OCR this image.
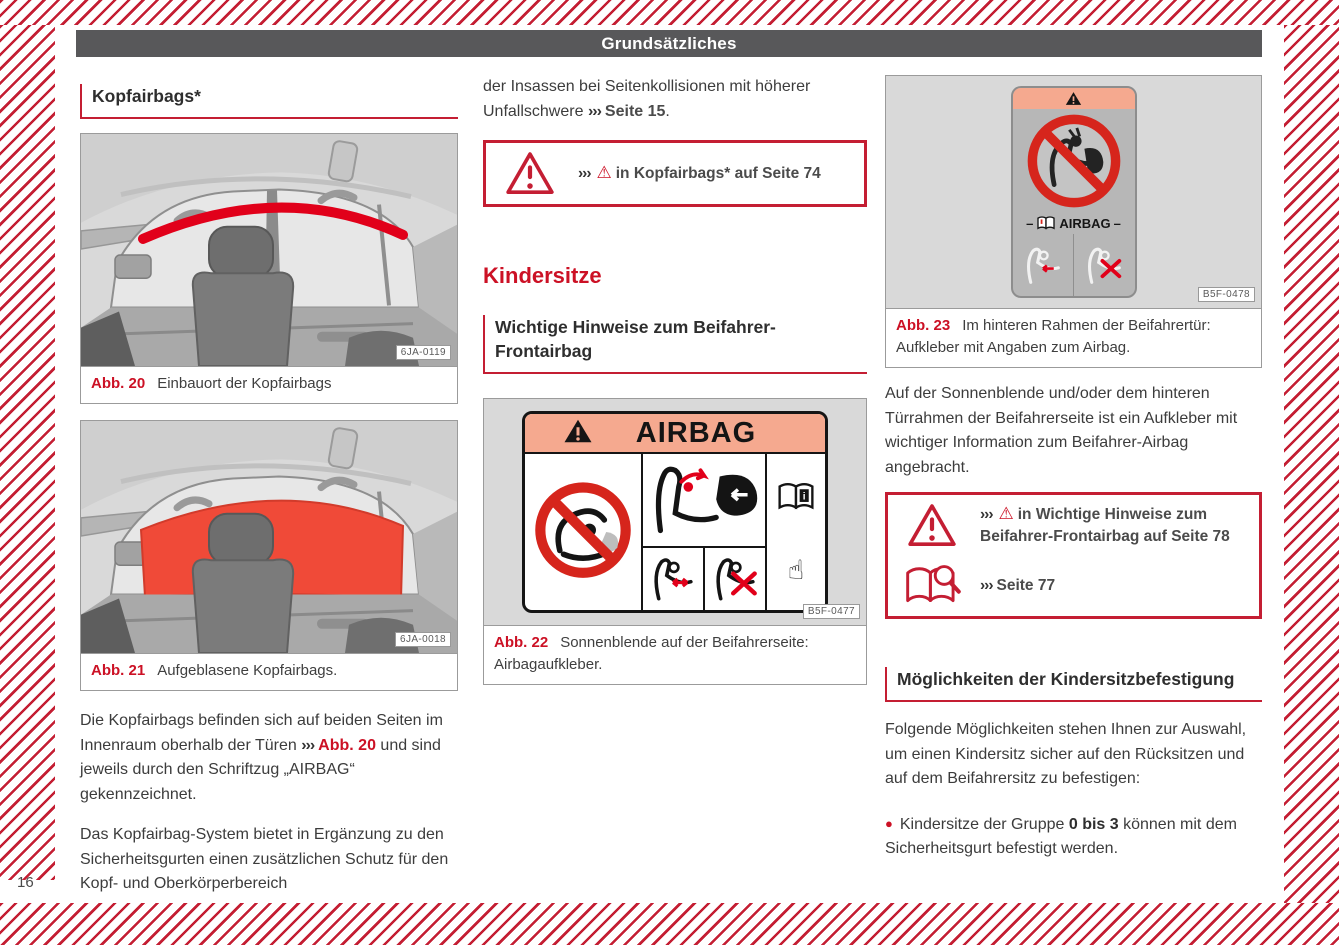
Grundsätzliches
16
Kopfairbags*
6JA-0119
Abb. 20 Einbauort der Kopfairbags
6JA-0018
Abb. 21 Aufgeblasene Kopfairbags.

Die Kopfairbags befinden sich auf beiden Seiten im Innenraum oberhalb der Türen ››› Abb. 20 und sind jeweils durch den Schriftzug „AIRBAG“ gekennzeichnet.

Das Kopfairbag-System bietet in Ergänzung zu den Sicherheitsgurten einen zusätzlichen Schutz für den Kopf- und Oberkörperbereich

der Insassen bei Seitenkollisionen mit höherer Unfallschwere ››› Seite 15.

››› ⚠ in Kopfairbags* auf Seite 74
Kindersitze
Wichtige Hinweise zum Beifahrer-Frontairbag
AIRBAG
i
☝
B5F-0477
Abb. 22 Sonnenblende auf der Beifahrerseite: Airbagaufkleber.
– AIRBAG –
B5F-0478
Abb. 23 Im hinteren Rahmen der Beifahrertür: Aufkleber mit Angaben zum Airbag.

Auf der Sonnenblende und/oder dem hinteren Türrahmen der Beifahrerseite ist ein Aufkleber mit wichtiger Information zum Beifahrer-Airbag angebracht.

››› ⚠ in Wichtige Hinweise zum Beifahrer-Frontairbag auf Seite 78
››› Seite 77
Möglichkeiten der Kindersitzbefestigung

Folgende Möglichkeiten stehen Ihnen zur Auswahl, um einen Kindersitz sicher auf den Rücksitzen und auf dem Beifahrersitz zu befestigen:

● Kindersitze der Gruppe 0 bis 3 können mit dem Sicherheitsgurt befestigt werden.
